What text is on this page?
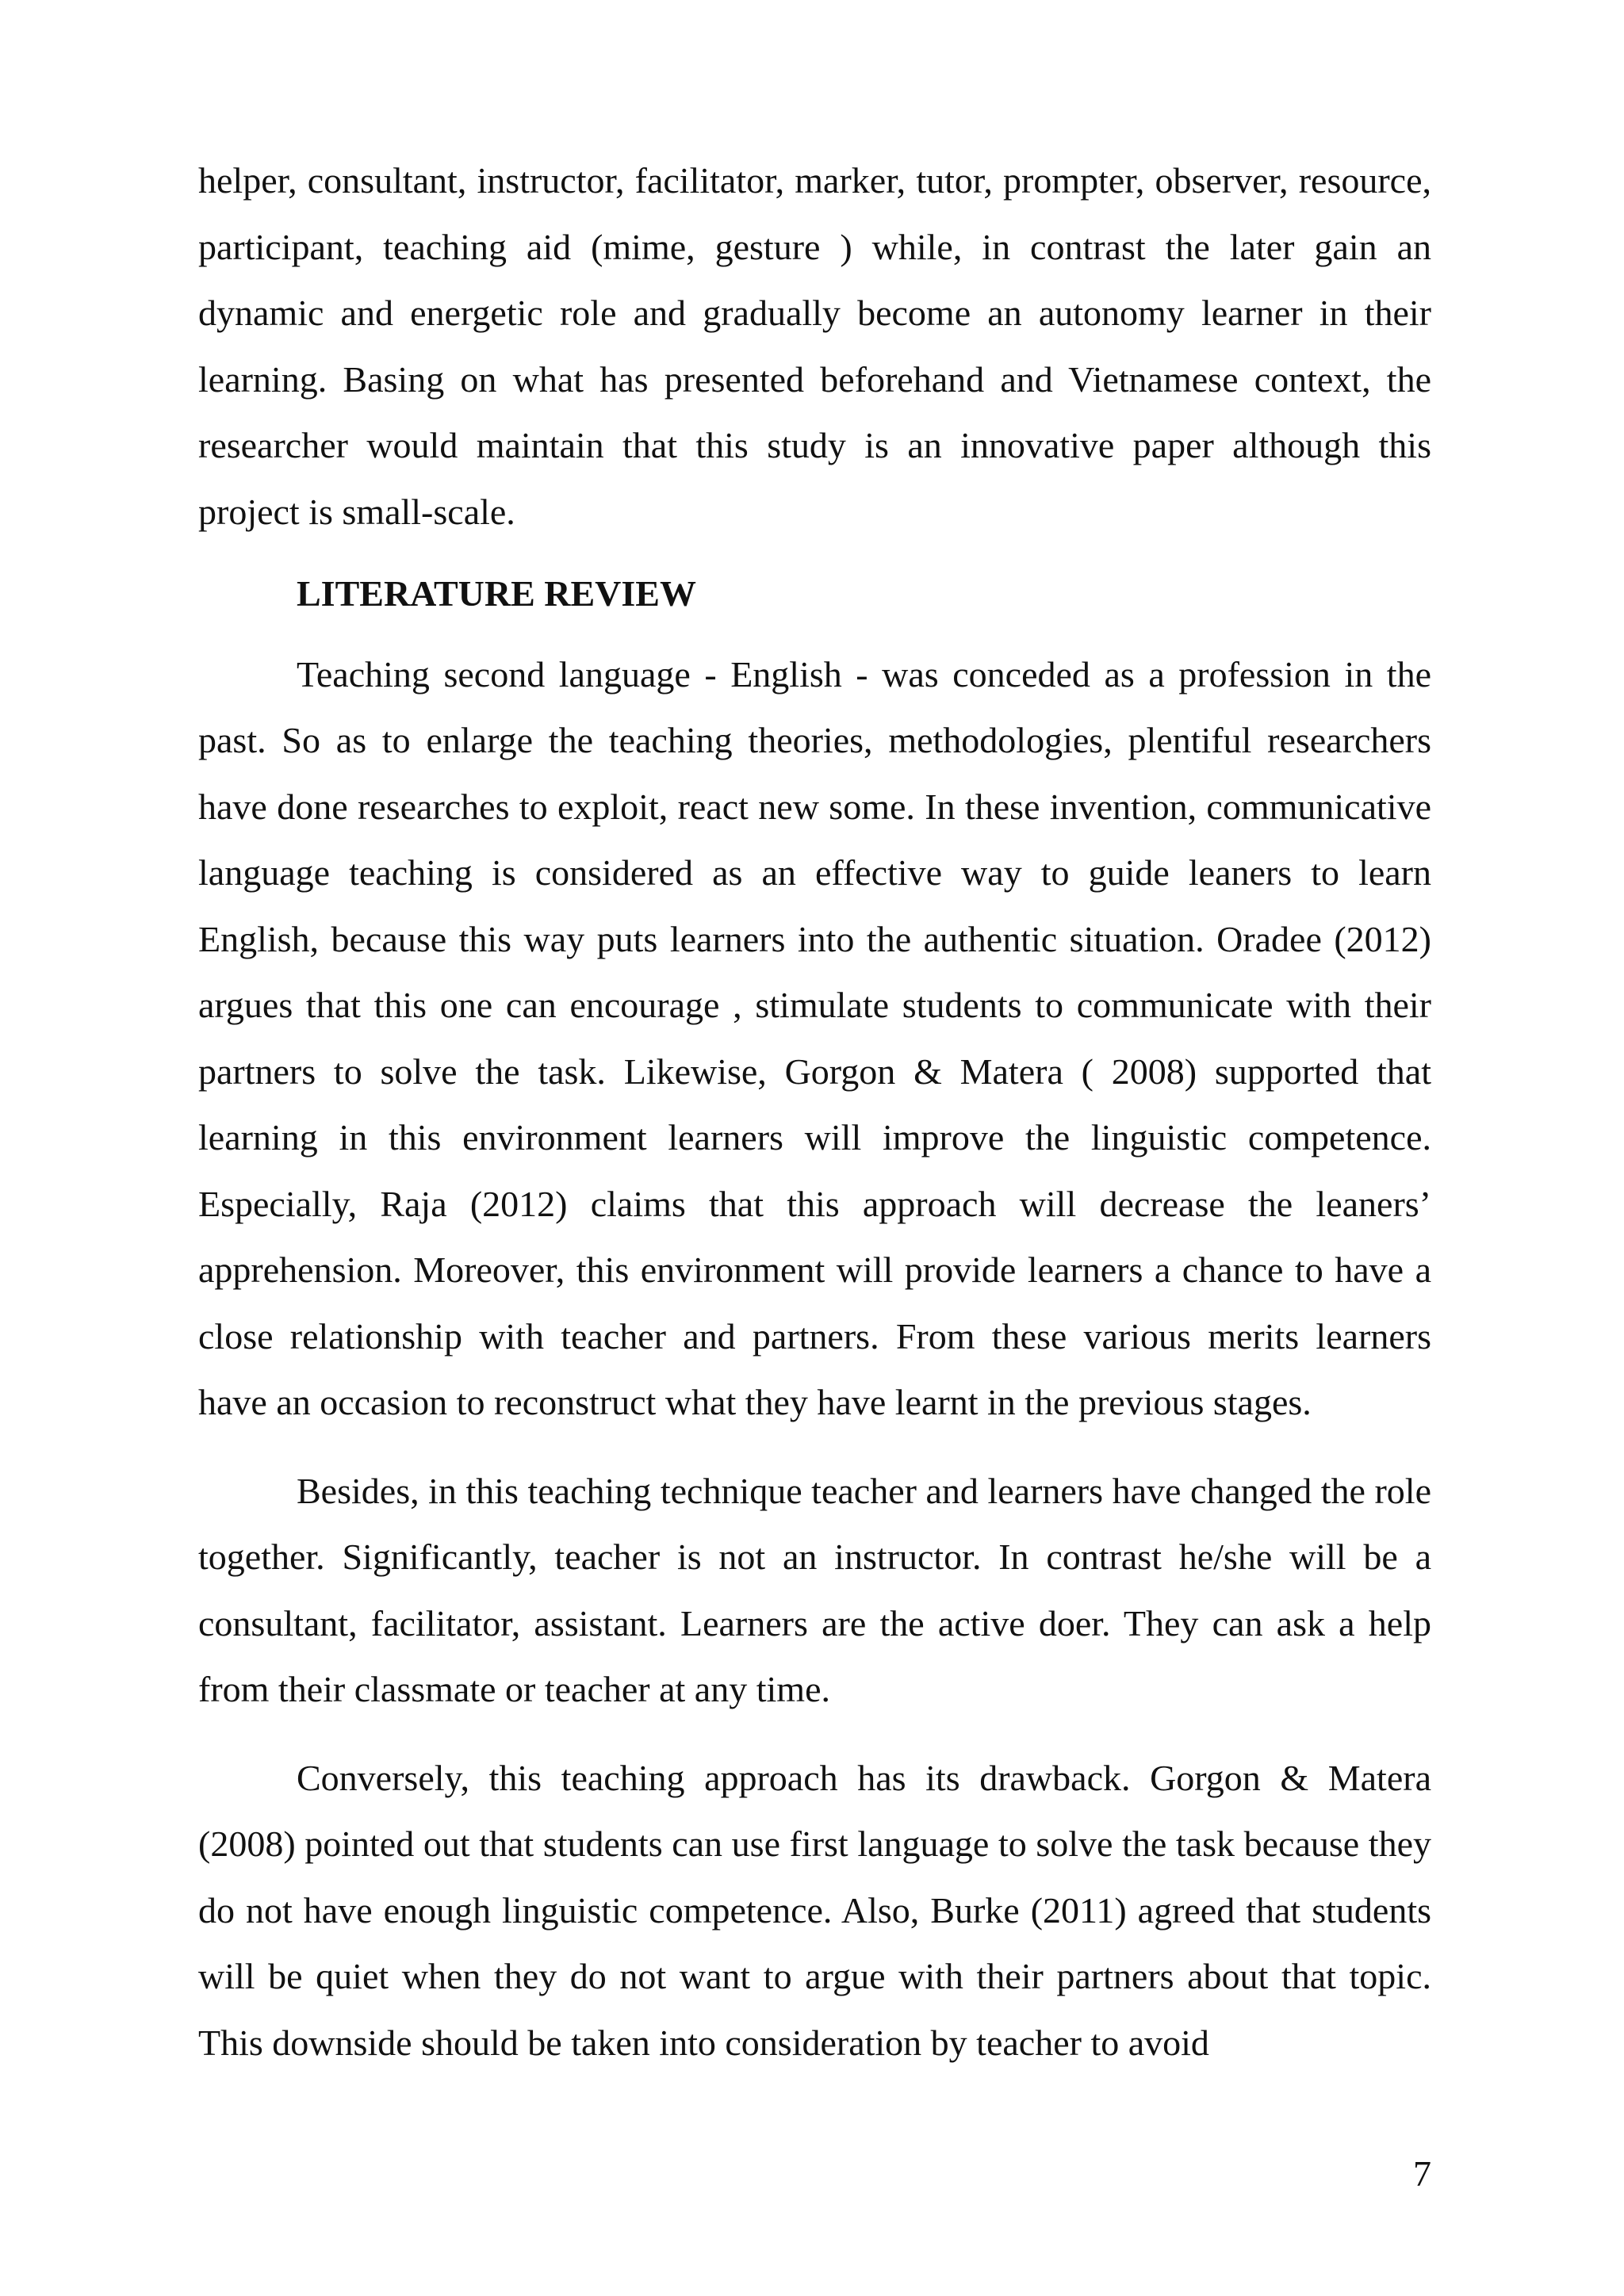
helper, consultant, instructor, facilitator, marker, tutor, prompter, observer, resource, participant, teaching aid (mime, gesture ) while, in contrast the later gain an dynamic and energetic role and gradually become an autonomy learner in their learning. Basing on what has presented beforehand and Vietnamese context, the researcher would maintain that this study is an innovative paper although this project is small-scale.

LITERATURE REVIEW

Teaching second language - English - was conceded as a profession in the past. So as to enlarge the teaching theories, methodologies, plentiful researchers have done researches to exploit, react new some. In these invention, communicative language teaching is considered as an effective way to guide leaners to learn English, because this way puts learners into the authentic situation. Oradee (2012) argues that this one can encourage , stimulate students to communicate with their partners to solve the task. Likewise, Gorgon & Matera ( 2008) supported that learning in this environment learners will improve the linguistic competence. Especially, Raja (2012) claims that this approach will decrease the leaners’ apprehension. Moreover, this environment will provide learners a chance to have a close relationship with teacher and partners. From these various merits learners have an occasion to reconstruct what they have learnt in the previous stages.

Besides, in this teaching technique teacher and learners have changed the role together. Significantly, teacher is not an instructor. In contrast he/she will be a consultant, facilitator, assistant. Learners are the active doer. They can ask a help from their classmate or teacher at any time.

Conversely, this teaching approach has its drawback. Gorgon & Matera (2008) pointed out that students can use first language to solve the task because they do not have enough linguistic competence. Also, Burke (2011) agreed that students will be quiet when they do not want to argue with their partners about that topic. This downside should be taken into consideration by teacher to avoid

7
